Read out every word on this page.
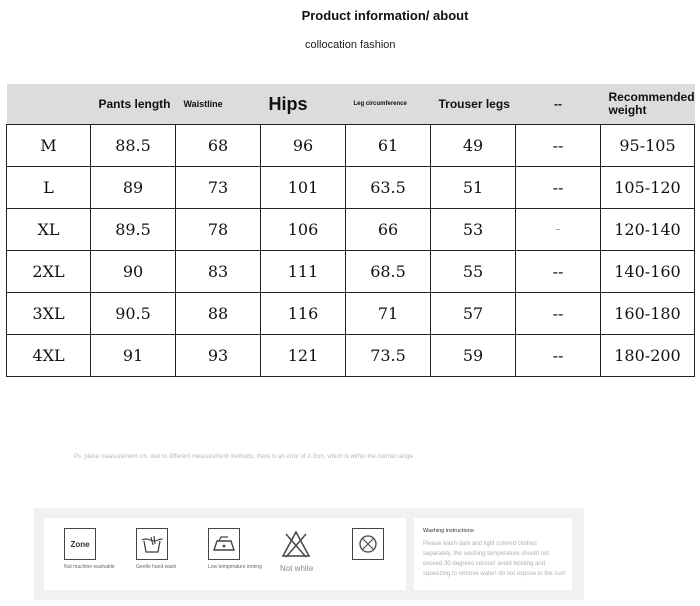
Product information/ about
collocation fashion
	Pants length	Waistline	Hips	Leg circumference	Trouser legs	--	Recommended weight
M	88.5	68	96	61	49	--	95-105
L	89	73	101	63.5	51	--	105-120
XL	89.5	78	106	66	53	--	120-140
2XL	90	83	111	68.5	55	--	140-160
3XL	90.5	88	116	71	57	--	160-180
4XL	91	93	121	73.5	59	--	180-200
Ps: plane measurement cm, due to different measurement methods, there is an error of 2-3cm, which is within the normal range
Zone
Not machine washable	Gentle hand wash	Low temperature ironing	Not white
Washing instructions:
Please wash dark and light colored clothes separately, the washing temperature should not exceed 30 degrees celsius! avoid twisting and squeezing to remove water! do not expose to the sun!
